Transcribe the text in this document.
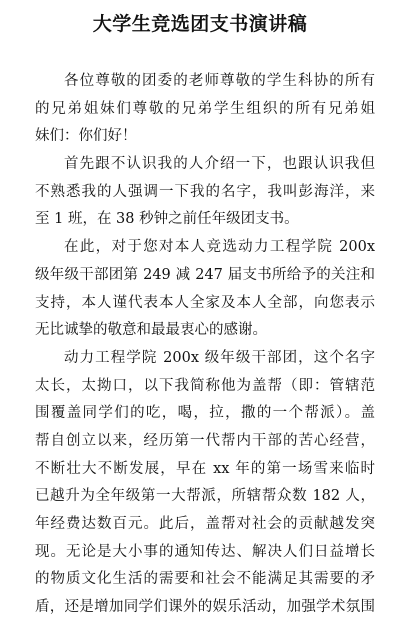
大学生竞选团支书演讲稿
各位尊敬的团委的老师尊敬的学生科协的所有
的兄弟姐妹们尊敬的兄弟学生组织的所有兄弟姐
妹们：你们好！
首先跟不认识我的人介绍一下，也跟认识我但
不熟悉我的人强调一下我的名字，我叫彭海洋，来
至 1 班，在 38 秒钟之前任年级团支书。
在此，对于您对本人竞选动力工程学院 200x
级年级干部团第 249 减 247 届支书所给予的关注和
支持，本人谨代表本人全家及本人全部，向您表示
无比诚挚的敬意和最最衷心的感谢。
动力工程学院 200x 级年级干部团，这个名字
太长，太拗口，以下我简称他为盖帮（即：管辖范
围覆盖同学们的吃，喝，拉，撒的一个帮派）。盖
帮自创立以来，经历第一代帮内干部的苦心经营，
不断壮大不断发展，早在 xx 年的第一场雪来临时
已越升为全年级第一大帮派，所辖帮众数 182 人，
年经费达数百元。此后，盖帮对社会的贡献越发突
现。无论是大小事的通知传达、解决人们日益增长
的物质文化生活的需要和社会不能满足其需要的矛
盾，还是增加同学们课外的娱乐活动，加强学术氛围
